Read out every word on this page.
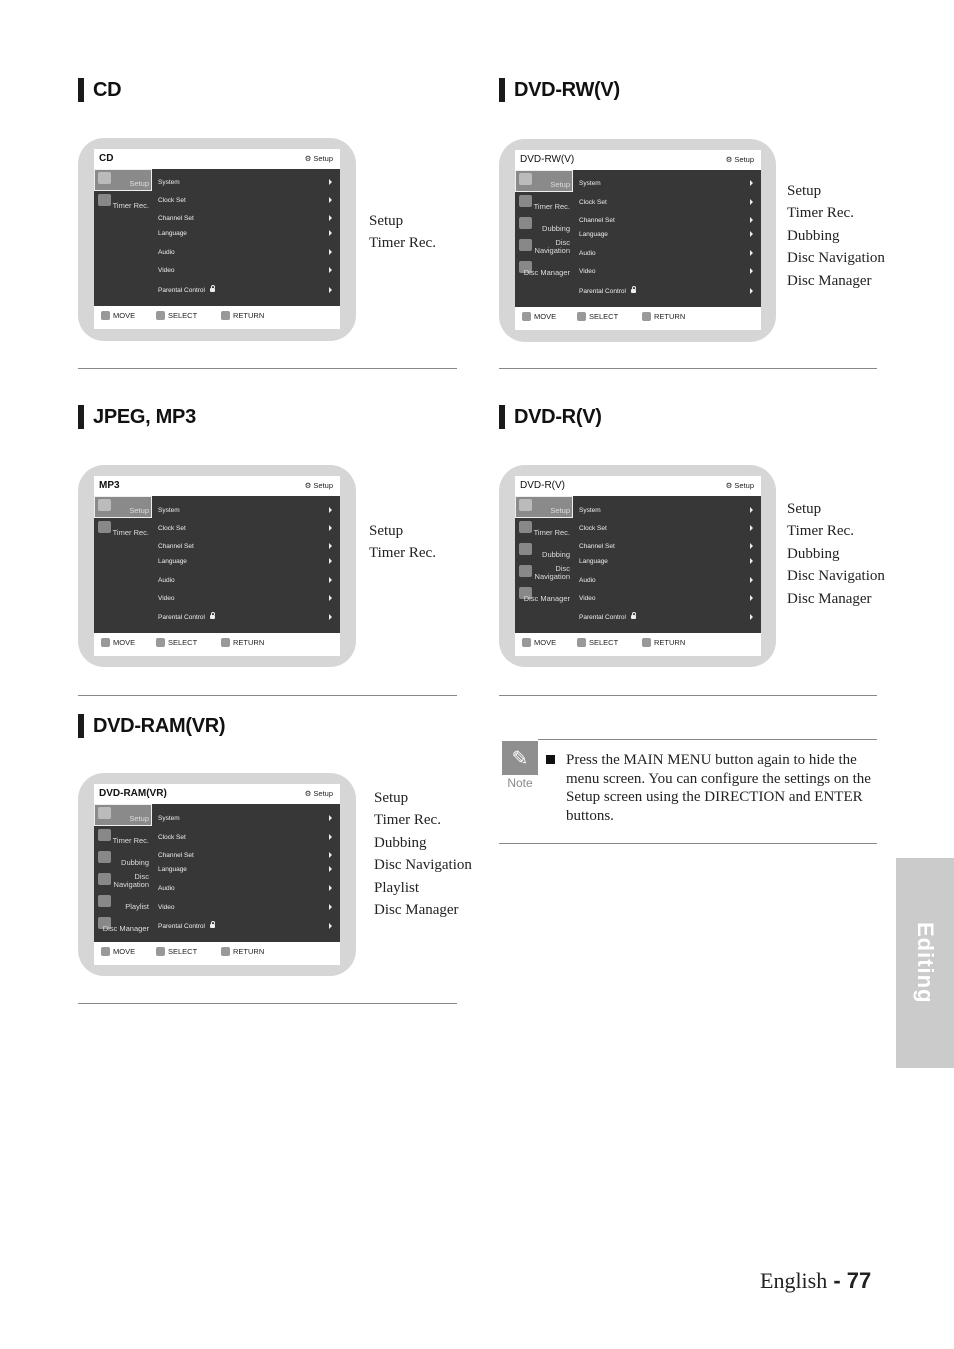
CD
CD	⚙ Setup
Setup
Timer Rec.
System
Clock Set
Channel Set
Language
Audio
Video
Parental Control
MOVE	SELECT	RETURN
Setup
Timer Rec.
DVD-RW(V)
DVD-RW(V)	⚙ Setup
Setup
Timer Rec.
Dubbing
Disc Navigation
Disc Manager
System
Clock Set
Channel Set
Language
Audio
Video
Parental Control
MOVE	SELECT	RETURN
Setup
Timer Rec.
Dubbing
Disc Navigation
Disc Manager
JPEG, MP3
MP3	⚙ Setup
Setup
Timer Rec.
System
Clock Set
Channel Set
Language
Audio
Video
Parental Control
MOVE	SELECT	RETURN
Setup
Timer Rec.
DVD-R(V)
DVD-R(V)	⚙ Setup
Setup
Timer Rec.
Dubbing
Disc Navigation
Disc Manager
System
Clock Set
Channel Set
Language
Audio
Video
Parental Control
MOVE	SELECT	RETURN
Setup
Timer Rec.
Dubbing
Disc Navigation
Disc Manager
DVD-RAM(VR)
DVD-RAM(VR)	⚙ Setup
Setup
Timer Rec.
Dubbing
Disc Navigation
Playlist
Disc Manager
System
Clock Set
Channel Set
Language
Audio
Video
Parental Control
MOVE	SELECT	RETURN
Setup
Timer Rec.
Dubbing
Disc Navigation
Playlist
Disc Manager
✎
Note
Press the MAIN MENU button again to hide the menu screen. You can configure the settings on the Setup screen using the DIRECTION and ENTER buttons.
Editing
English - 77
